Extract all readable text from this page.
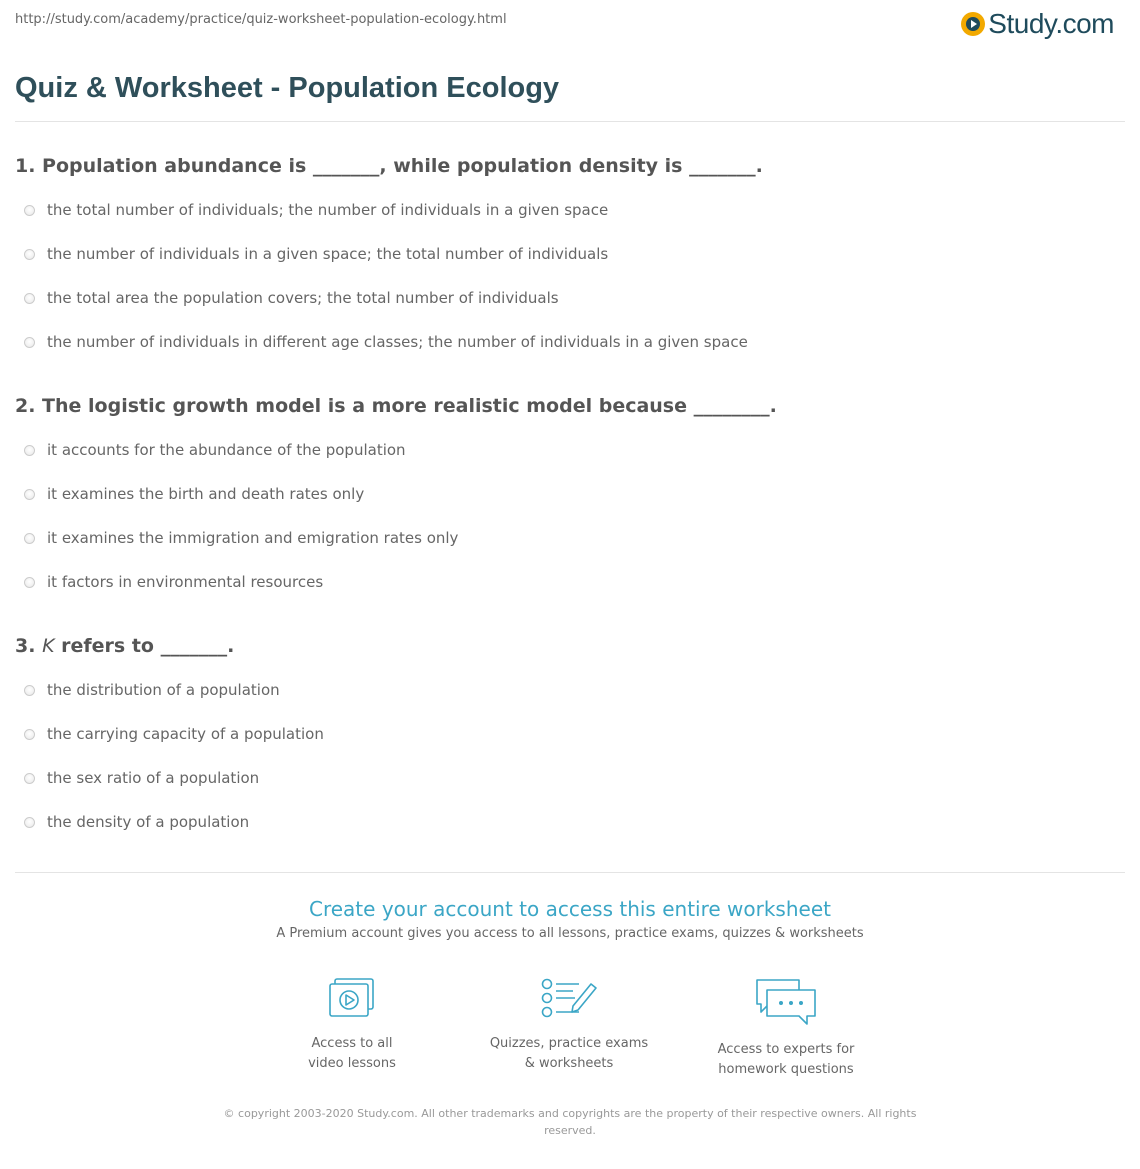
http://study.com/academy/practice/quiz-worksheet-population-ecology.html	Study.com
Quiz & Worksheet - Population Ecology
1. Population abundance is _______, while population density is _______.
the total number of individuals; the number of individuals in a given space
the number of individuals in a given space; the total number of individuals
the total area the population covers; the total number of individuals
the number of individuals in different age classes; the number of individuals in a given space
2. The logistic growth model is a more realistic model because ________.
it accounts for the abundance of the population
it examines the birth and death rates only
it examines the immigration and emigration rates only
it factors in environmental resources
3. K refers to _______.
the distribution of a population
the carrying capacity of a population
the sex ratio of a population
the density of a population
Create your account to access this entire worksheet
A Premium account gives you access to all lessons, practice exams, quizzes & worksheets
Access to all
video lessons
Quizzes, practice exams
& worksheets
Access to experts for
homework questions
© copyright 2003-2020 Study.com. All other trademarks and copyrights are the property of their respective owners. All rights reserved.
